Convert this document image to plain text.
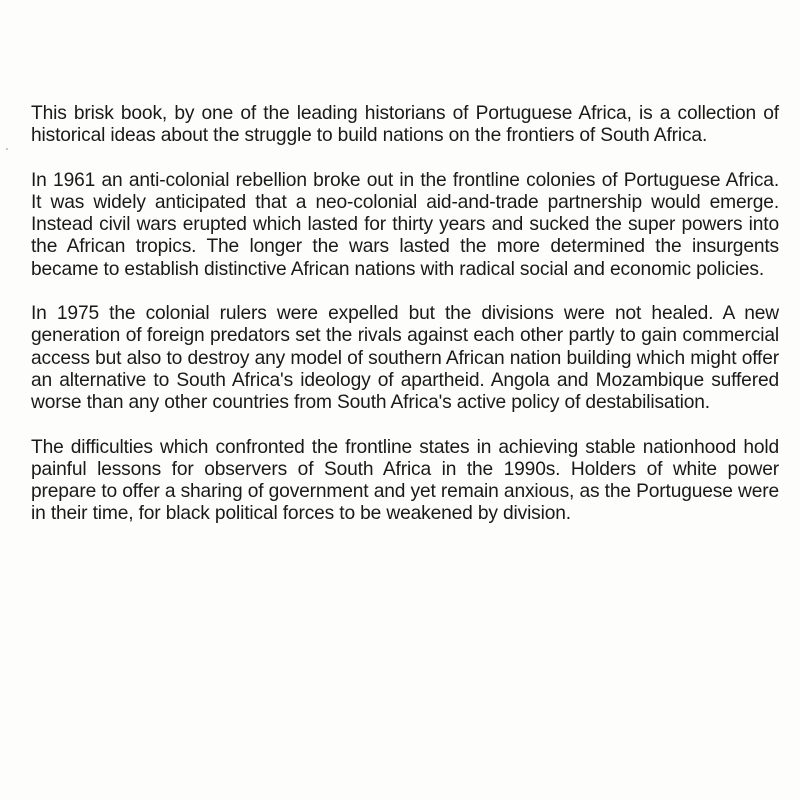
This brisk book, by one of the leading historians of Portuguese Africa, is a collection of historical ideas about the struggle to build nations on the frontiers of South Africa.

In 1961 an anti-colonial rebellion broke out in the frontline colonies of Portuguese Africa. It was widely anticipated that a neo-colonial aid-and-trade partnership would emerge. Instead civil wars erupted which lasted for thirty years and sucked the super powers into the African tropics. The longer the wars lasted the more determined the insurgents became to establish distinctive African nations with radical social and economic policies.

In 1975 the colonial rulers were expelled but the divisions were not healed. A new generation of foreign predators set the rivals against each other partly to gain commercial access but also to destroy any model of southern African nation building which might offer an alternative to South Africa's ideology of apartheid. Angola and Mozambique suffered worse than any other countries from South Africa's active policy of destabilisation.

The difficulties which confronted the frontline states in achieving stable nationhood hold painful lessons for observers of South Africa in the 1990s. Holders of white power prepare to offer a sharing of government and yet remain anxious, as the Portuguese were in their time, for black political forces to be weakened by division.
